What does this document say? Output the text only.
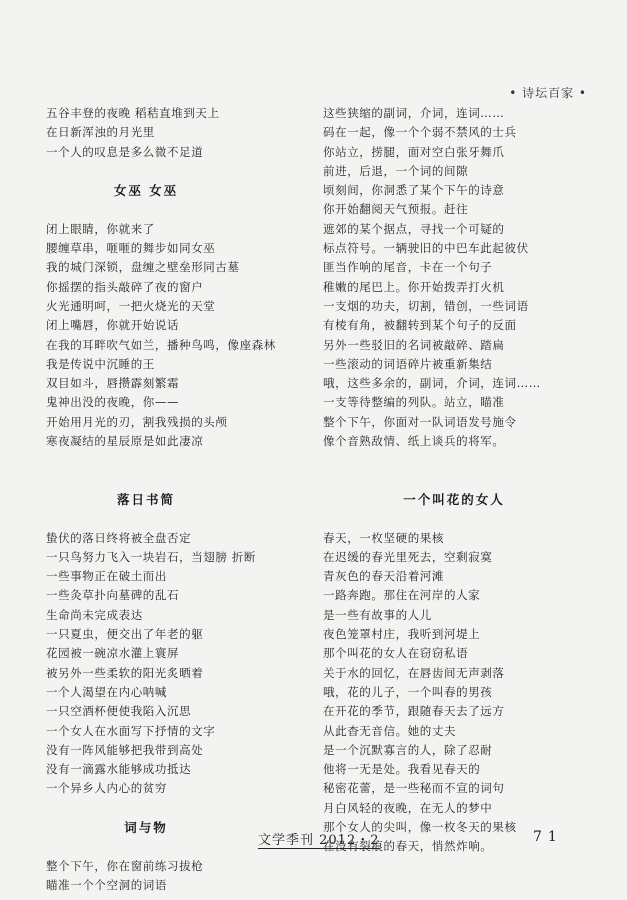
• 诗坛百家 •
五谷丰登的夜晚 稻秸直堆到天上
在日新浑浊的月光里
一个人的叹息是多么微不足道
女巫 女巫
闭上眼睛，你就来了
腰缠草串，咂咂的舞步如同女巫
我的城门深锁，盘缠之壁垒形同古墓
你摇摆的指头敲碎了夜的窗户
火光通明呵，一把火烧光的天堂
闭上嘴唇，你就开始说话
在我的耳畔吹气如兰，播种鸟鸣，像座森林
我是传说中沉睡的王
双目如斗，唇攒霹刻繁霜
鬼神出没的夜晚，你——
开始用月光的刃，割我残损的头颅
寒夜凝结的星辰原是如此凄凉
落日书简
蛰伏的落日终将被全盘否定
一只鸟努力飞入一块岩石，当翅膀 折断
一些事物正在破土而出
一些灸草扑向墓碑的乱石
生命尚未完成表达
一只夏虫，便交出了年老的躯
花园被一碗凉水灌上寰屏
被另外一些柔软的阳光炙晒着
一个人渴望在内心呐喊
一只空酒杯便使我陷入沉思
一个女人在水面写下抒情的文字
没有一阵风能够把我带到高处
没有一滴露水能够成功抵达
一个异乡人内心的贫穷
词与物
整个下午，你在窗前练习拔枪
瞄准一个个空洞的词语
这些狭缩的副词，介词，连词……
码在一起，像一个个弱不禁风的士兵
你站立，捞腿，面对空白张牙舞爪
前进，后退，一个词的间隙
顷刻间，你洞悉了某个下午的诗意
你开始翻阅天气预报。赶往
遮郊的某个据点，寻找一个可疑的
标点符号。一辆驶旧的中巴车此起彼伏
匪当作响的尾音，卡在一个句子
稚嫩的尾巴上。你开始拨弄打火机
一支烟的功夫，切割，错创，一些词语
有棱有角，被翻转到某个句子的反面
另外一些驳旧的名词被敲碎、踏扁
一些滚动的词语碎片被重新集结
哦，这些多余的，副词，介词，连词……
一支等待整编的列队。站立，瞄准
整个下午，你面对一队词语发号施令
像个音熟敌情、纸上谈兵的将军。
一个叫花的女人
春天，一枚坚硬的果核
在迟缓的春光里死去，空剩寂寞
青灰色的春天沿着河滩
一路奔跑。那住在河岸的人家
是一些有故事的人儿
夜色笼罩村庄，我听到河堤上
那个叫花的女人在窃窃私语
关于水的回忆，在唇齿间无声剥落
哦，花的儿子，一个叫春的男孩
在开花的季节，跟随春天去了远方
从此杳无音信。她的丈夫
是一个沉默寡言的人，除了忍耐
他将一无是处。我看见春天的
秘密花蕾，是一些秘而不宣的词句
月白风轻的夜晚，在无人的梦中
那个女人的尖叫，像一枚冬天的果核
在没有裂痕的春天，悄然炸响。
文学季刊 2012・2	71
